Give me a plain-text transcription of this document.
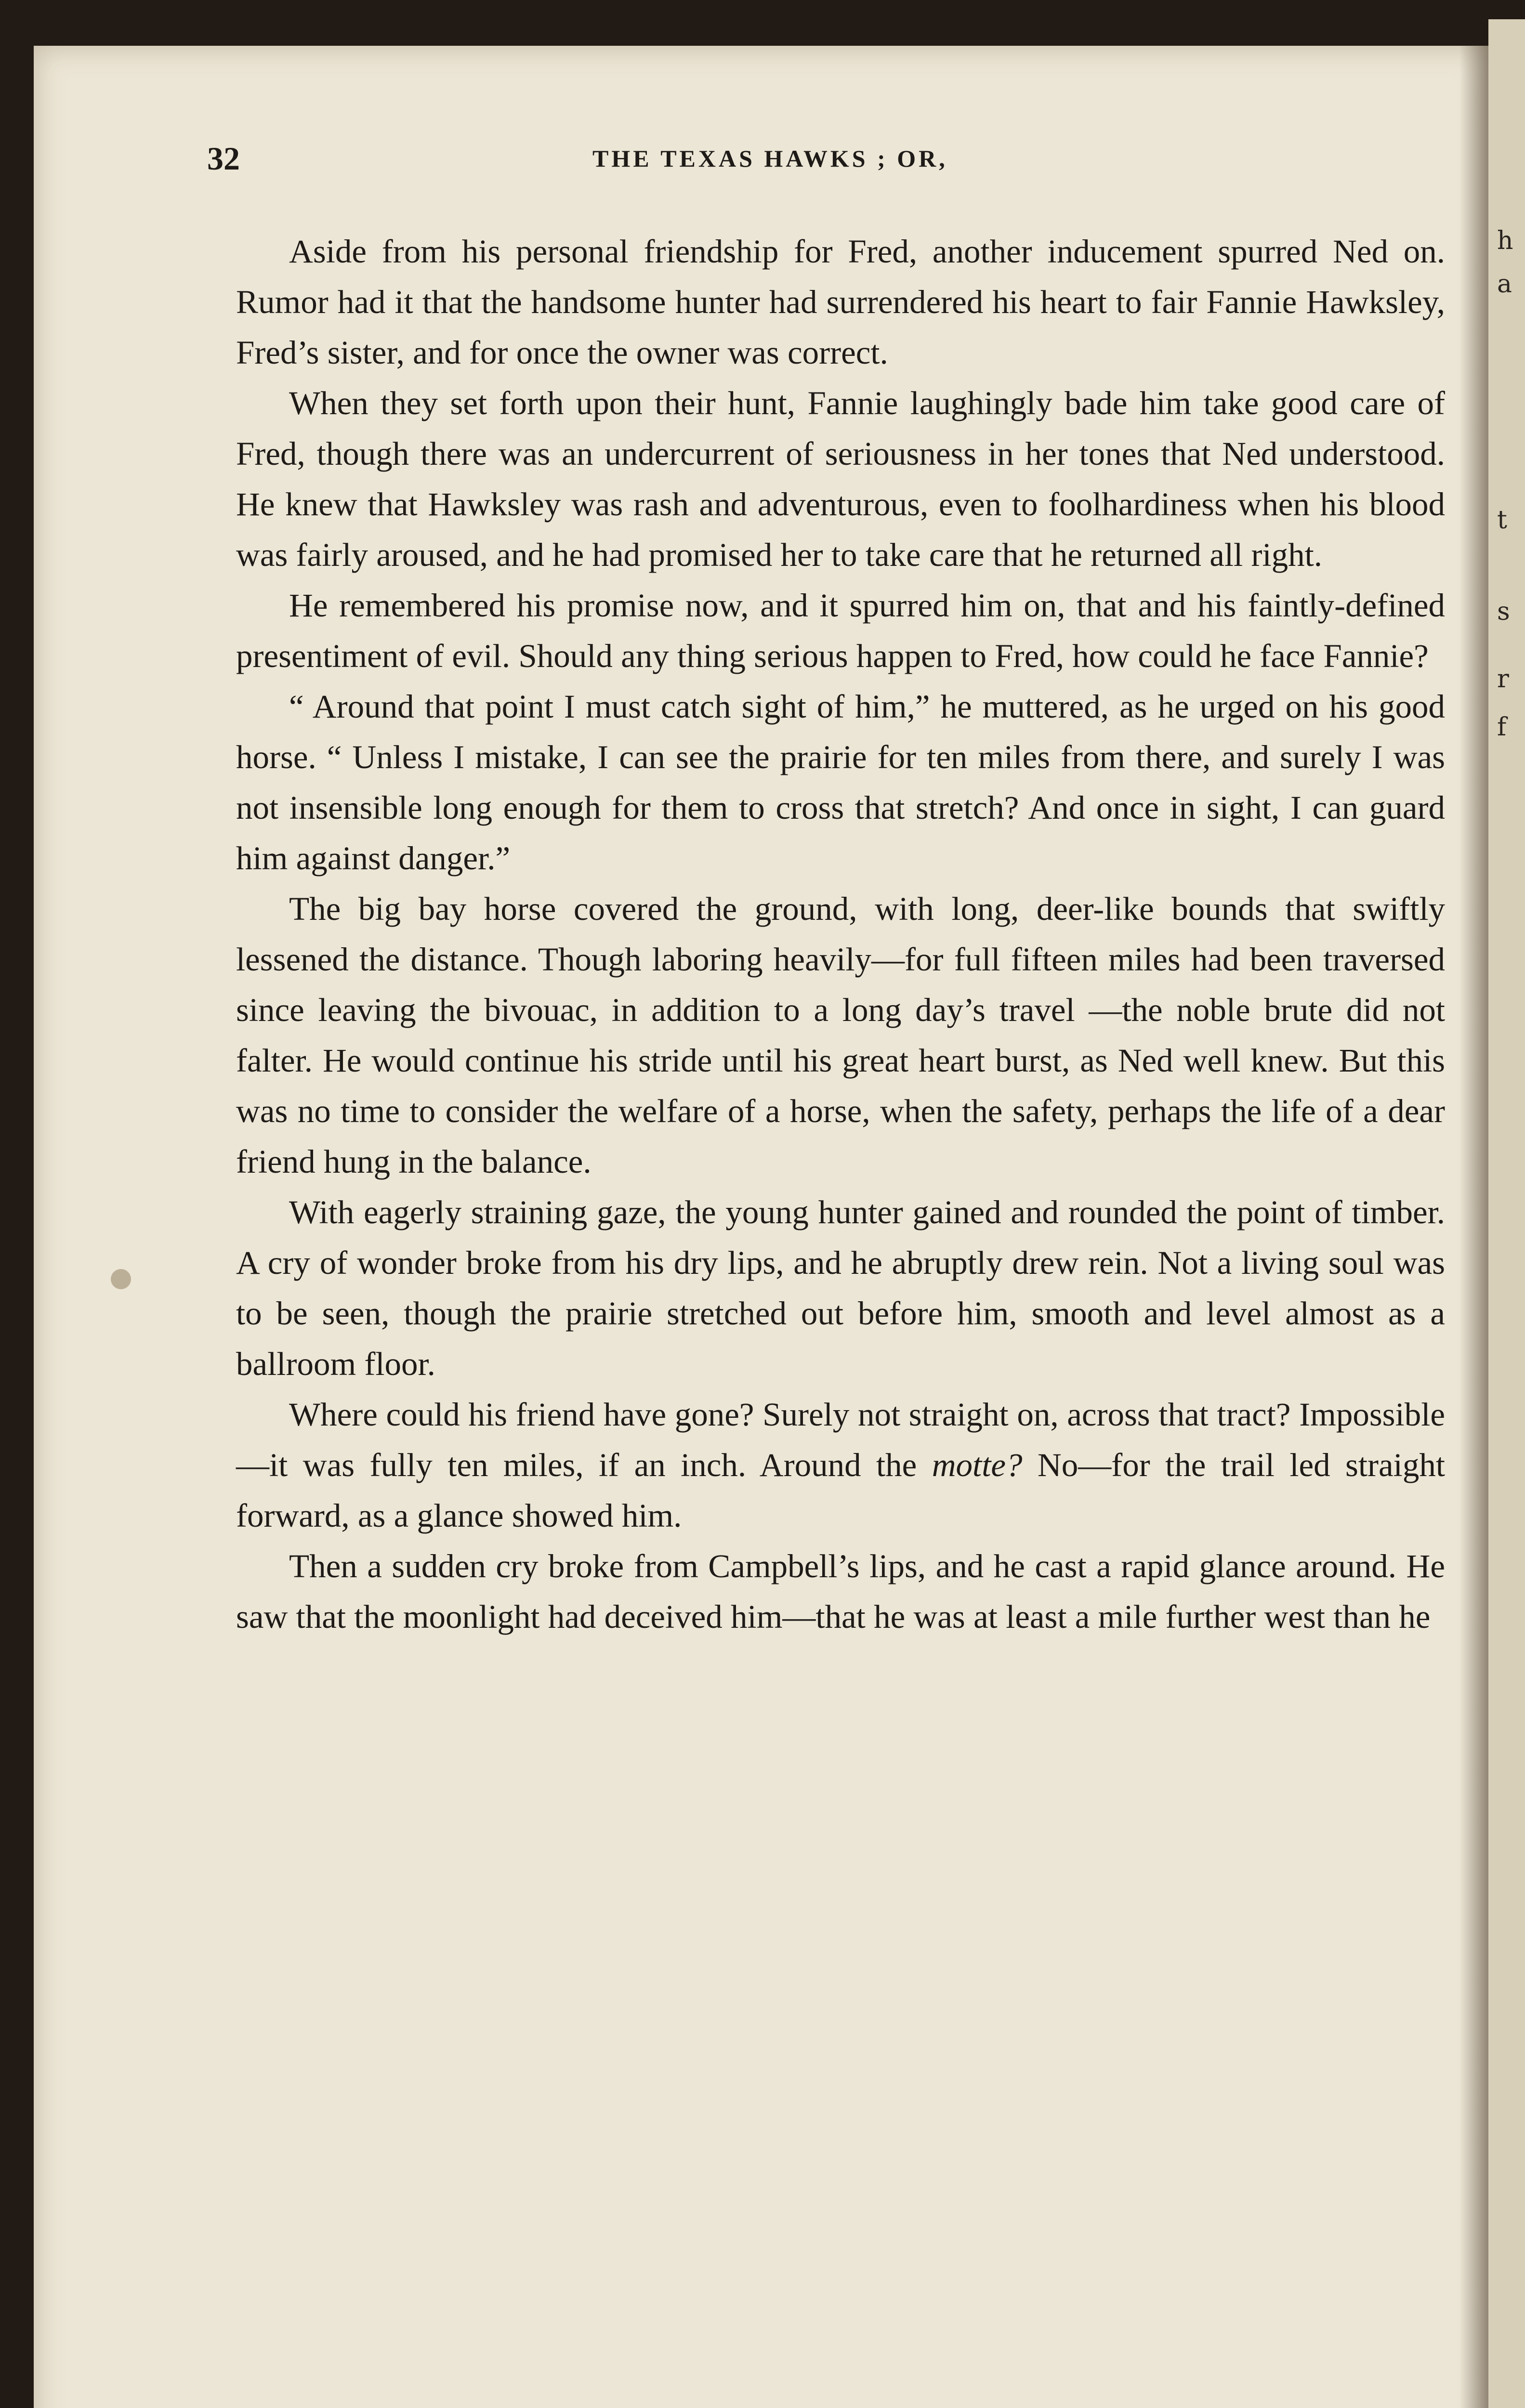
h
a
t
s
r
f
32	THE TEXAS HAWKS ; OR,

Aside from his personal friendship for Fred, another inducement spurred Ned on. Rumor had it that the handsome hunter had surrendered his heart to fair Fannie Hawksley, Fred’s sister, and for once the owner was correct.

When they set forth upon their hunt, Fannie laughingly bade him take good care of Fred, though there was an undercurrent of seriousness in her tones that Ned understood. He knew that Hawksley was rash and adventurous, even to foolhardiness when his blood was fairly aroused, and he had promised her to take care that he returned all right.

He remembered his promise now, and it spurred him on, that and his faintly-defined presentiment of evil. Should any thing serious happen to Fred, how could he face Fannie?

“ Around that point I must catch sight of him,” he muttered, as he urged on his good horse. “ Unless I mistake, I can see the prairie for ten miles from there, and surely I was not insensible long enough for them to cross that stretch? And once in sight, I can guard him against danger.”

The big bay horse covered the ground, with long, deer-like bounds that swiftly lessened the distance. Though laboring heavily—for full fifteen miles had been traversed since leaving the bivouac, in addition to a long day’s travel —the noble brute did not falter. He would continue his stride until his great heart burst, as Ned well knew. But this was no time to consider the welfare of a horse, when the safety, perhaps the life of a dear friend hung in the balance.

With eagerly straining gaze, the young hunter gained and rounded the point of timber. A cry of wonder broke from his dry lips, and he abruptly drew rein. Not a living soul was to be seen, though the prairie stretched out before him, smooth and level almost as a ballroom floor.

Where could his friend have gone? Surely not straight on, across that tract? Impossible—it was fully ten miles, if an inch. Around the motte? No—for the trail led straight forward, as a glance showed him.

Then a sudden cry broke from Campbell’s lips, and he cast a rapid glance around. He saw that the moonlight had deceived him—that he was at least a mile further west than he
